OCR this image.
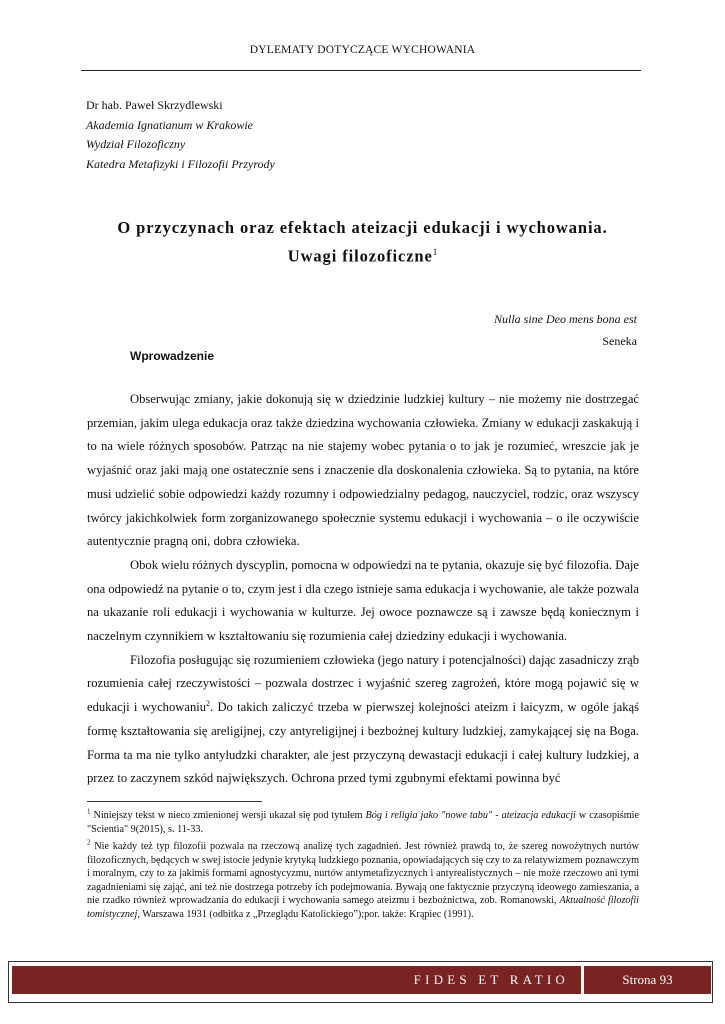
DYLEMATY DOTYCZĄCE WYCHOWANIA
Dr hab. Paweł Skrzydlewski
Akademia Ignatianum w Krakowie
Wydział Filozoficzny
Katedra Metafizyki i Filozofii Przyrody
O przyczynach oraz efektach ateizacji edukacji i wychowania.
Uwagi filozoficzne$^1$
Nulla sine Deo mens bona est
Seneka
Wprowadzenie

Obserwując zmiany, jakie dokonują się w dziedzinie ludzkiej kultury – nie możemy nie dostrzegać przemian, jakim ulega edukacja oraz także dziedzina wychowania człowieka. Zmiany w edukacji zaskakują i to na wiele różnych sposobów. Patrząc na nie stajemy wobec pytania o to jak je rozumieć, wreszcie jak je wyjaśnić oraz jaki mają one ostatecznie sens i znaczenie dla doskonalenia człowieka. Są to pytania, na które musi udzielić sobie odpowiedzi każdy rozumny i odpowiedzialny pedagog, nauczyciel, rodzic, oraz wszyscy twórcy jakichkolwiek form zorganizowanego społecznie systemu edukacji i wychowania – o ile oczywiście autentycznie pragną oni, dobra człowieka.

Obok wielu różnych dyscyplin, pomocna w odpowiedzi na te pytania, okazuje się być filozofia. Daje ona odpowiedź na pytanie o to, czym jest i dla czego istnieje sama edukacja i wychowanie, ale także pozwala na ukazanie roli edukacji i wychowania w kulturze. Jej owoce poznawcze są i zawsze będą koniecznym i naczelnym czynnikiem w kształtowaniu się rozumienia całej dziedziny edukacji i wychowania.

Filozofia posługując się rozumieniem człowieka (jego natury i potencjalności) dając zasadniczy zrąb rozumienia całej rzeczywistości – pozwala dostrzec i wyjaśnić szereg zagrożeń, które mogą pojawić się w edukacji i wychowaniu$^2$. Do takich zaliczyć trzeba w pierwszej kolejności ateizm i laicyzm, w ogóle jakąś formę kształtowania się areligijnej, czy antyreligijnej i bezbożnej kultury ludzkiej, zamykającej się na Boga. Forma ta ma nie tylko antyludzki charakter, ale jest przyczyną dewastacji edukacji i całej kultury ludzkiej, a przez to zaczynem szkód największych. Ochrona przed tymi zgubnymi efektami powinna być

$^1$ Niniejszy tekst w nieco zmienionej wersji ukazał się pod tytułem Bóg i religia jako "nowe tabu" - ateizacja edukacji w czasopiśmie "Scientia" 9(2015), s. 11-33.

$^2$ Nie każdy też typ filozofii pozwala na rzeczową analizę tych zagadnień. Jest również prawdą to, że szereg nowożytnych nurtów filozoficznych, będących w swej istocie jedynie krytyką ludzkiego poznania, opowiadających się czy to za relatywizmem poznawczym i moralnym, czy to za jakimiś formami agnostycyzmu, nurtów antymetafizycznych i antyrealistycznych – nie może rzeczowo ani tymi zagadnieniami się zająć, ani też nie dostrzega potrzeby ich podejmowania. Bywają one faktycznie przyczyną ideowego zamieszania, a nie rzadko również wprowadzania do edukacji i wychowania samego ateizmu i bezbożnictwa, zob. Romanowski, Aktualność filozofii tomistycznej, Warszawa 1931 (odbitka z „Przeglądu Katolickiego”);por. także: Krąpiec (1991).

FIDES ET RATIO	Strona 93
